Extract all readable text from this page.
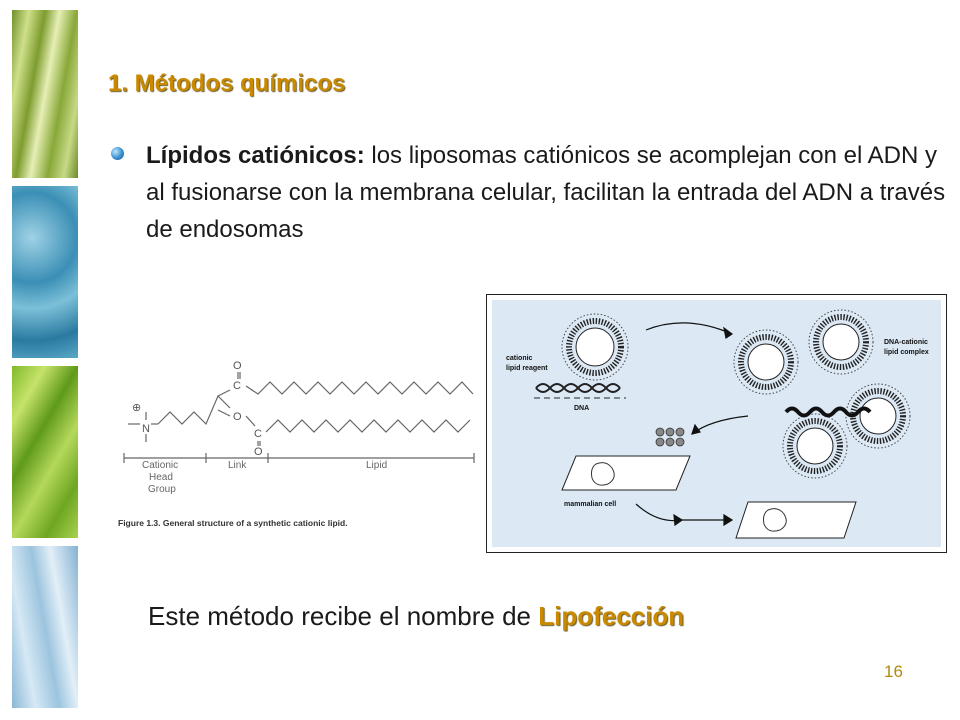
1. Métodos químicos

Lípidos catiónicos: los liposomas catiónicos se acomplejan con el ADN y al fusionarse con la membrana celular, facilitan la entrada del ADN a través de endosomas

⊕
N
O
C
O
C
O
Cationic
Head
Group
Link	Lipid
Figure 1.3. General structure of a synthetic cationic lipid.
cationic
lipid reagent
DNA
DNA-cationic
lipid complex
mammalian cell

Este método recibe el nombre de Lipofección

16
